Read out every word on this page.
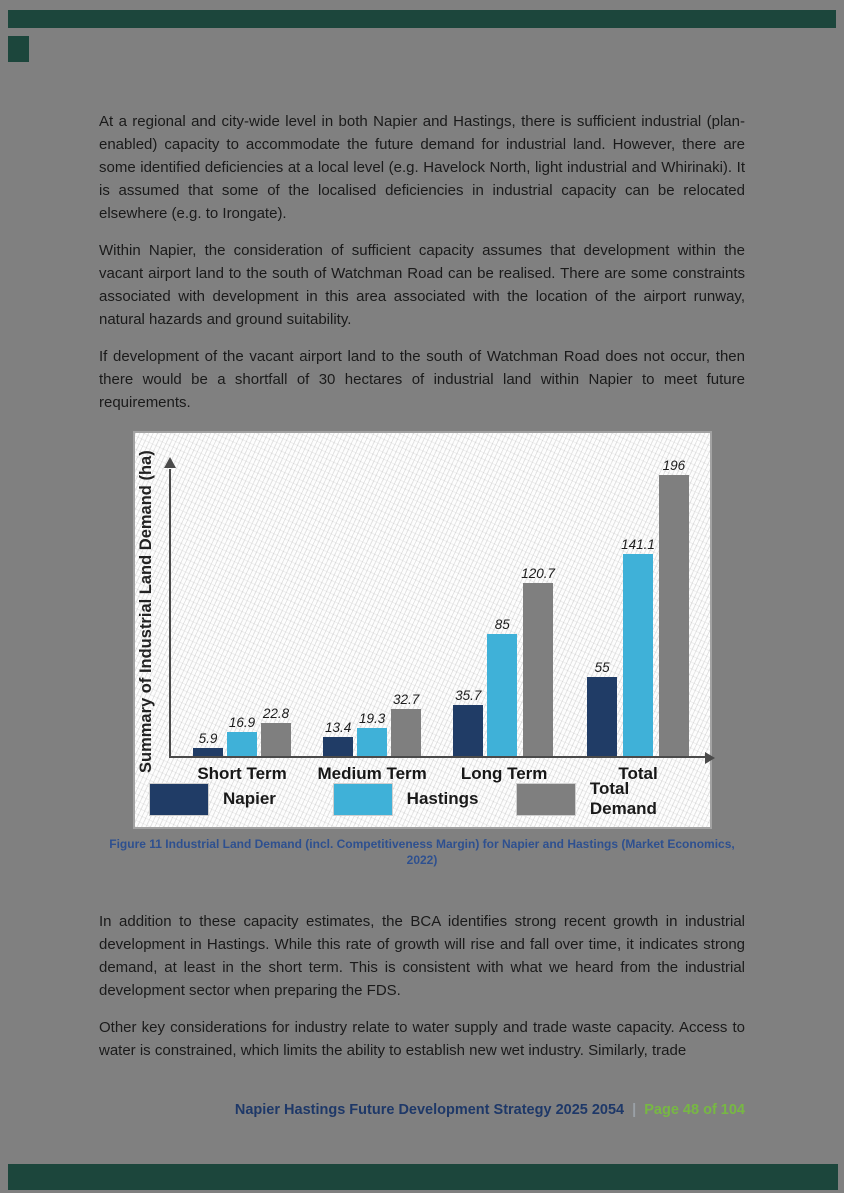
At a regional and city-wide level in both Napier and Hastings, there is sufficient industrial (plan-enabled) capacity to accommodate the future demand for industrial land. However, there are some identified deficiencies at a local level (e.g. Havelock North, light industrial and Whirinaki). It is assumed that some of the localised deficiencies in industrial capacity can be relocated elsewhere (e.g. to Irongate).

Within Napier, the consideration of sufficient capacity assumes that development within the vacant airport land to the south of Watchman Road can be realised. There are some constraints associated with development in this area associated with the location of the airport runway, natural hazards and ground suitability.

If development of the vacant airport land to the south of Watchman Road does not occur, then there would be a shortfall of 30 hectares of industrial land within Napier to meet future requirements.

Summary of Industrial Land Demand (ha)	5.9
16.9
22.8
Short Term
13.4
19.3
32.7
Medium Term
35.7
85
120.7
Long Term
55
141.1
196
Total
Napier	Hastings
Total Demand
Figure 11 Industrial Land Demand (incl. Competitiveness Margin) for Napier and Hastings (Market Economics, 2022)

In addition to these capacity estimates, the BCA identifies strong recent growth in industrial development in Hastings. While this rate of growth will rise and fall over time, it indicates strong demand, at least in the short term. This is consistent with what we heard from the industrial development sector when preparing the FDS.

Other key considerations for industry relate to water supply and trade waste capacity. Access to water is constrained, which limits the ability to establish new wet industry. Similarly, trade

Napier Hastings Future Development Strategy 2025 2054 | Page 48 of 104
